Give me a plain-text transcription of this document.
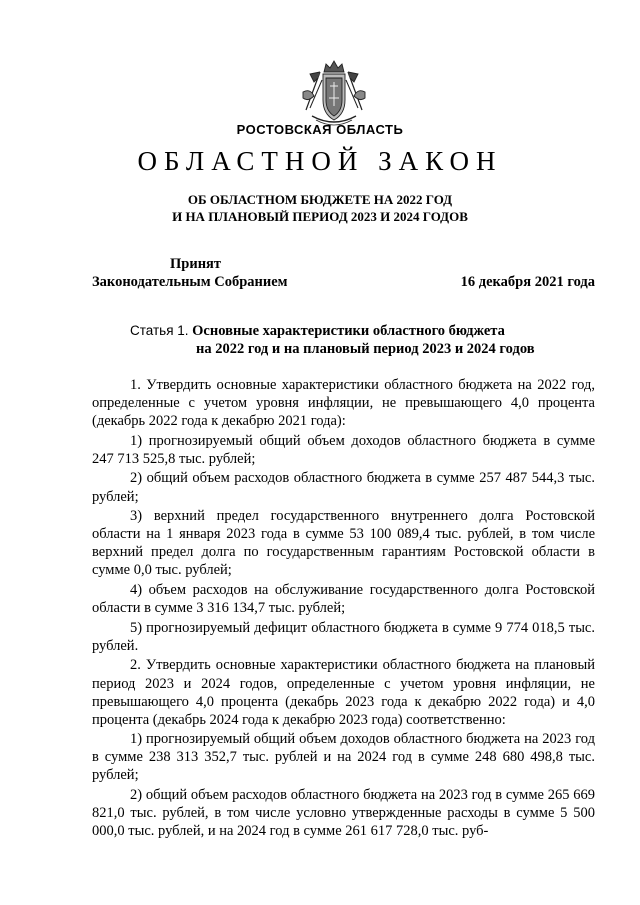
РОСТОВСКАЯ ОБЛАСТЬ
ОБЛАСТНОЙ ЗАКОН
ОБ ОБЛАСТНОМ БЮДЖЕТЕ НА 2022 ГОД
И НА ПЛАНОВЫЙ ПЕРИОД 2023 И 2024 ГОДОВ
Принят
Законодательным Собранием	16 декабря 2021 года
Статья 1. Основные характеристики областного бюджета
на 2022 год и на плановый период 2023 и 2024 годов

1. Утвердить основные характеристики областного бюджета на 2022 год, определенные с учетом уровня инфляции, не превышающего 4,0 процента (декабрь 2022 года к декабрю 2021 года):

1) прогнозируемый общий объем доходов областного бюджета в сумме 247 713 525,8 тыс. рублей;

2) общий объем расходов областного бюджета в сумме 257 487 544,3 тыс. рублей;

3) верхний предел государственного внутреннего долга Ростовской области на 1 января 2023 года в сумме 53 100 089,4 тыс. рублей, в том числе верхний предел долга по государственным гарантиям Ростовской области в сумме 0,0 тыс. рублей;

4) объем расходов на обслуживание государственного долга Ростовской области в сумме 3 316 134,7 тыс. рублей;

5) прогнозируемый дефицит областного бюджета в сумме 9 774 018,5 тыс. рублей.

2. Утвердить основные характеристики областного бюджета на плановый период 2023 и 2024 годов, определенные с учетом уровня инфляции, не превышающего 4,0 процента (декабрь 2023 года к декабрю 2022 года) и 4,0 процента (декабрь 2024 года к декабрю 2023 года) соответственно:

1) прогнозируемый общий объем доходов областного бюджета на 2023 год в сумме 238 313 352,7 тыс. рублей и на 2024 год в сумме 248 680 498,8 тыс. рублей;

2) общий объем расходов областного бюджета на 2023 год в сумме 265 669 821,0 тыс. рублей, в том числе условно утвержденные расходы в сумме 5 500 000,0 тыс. рублей, и на 2024 год в сумме 261 617 728,0 тыс. руб-
